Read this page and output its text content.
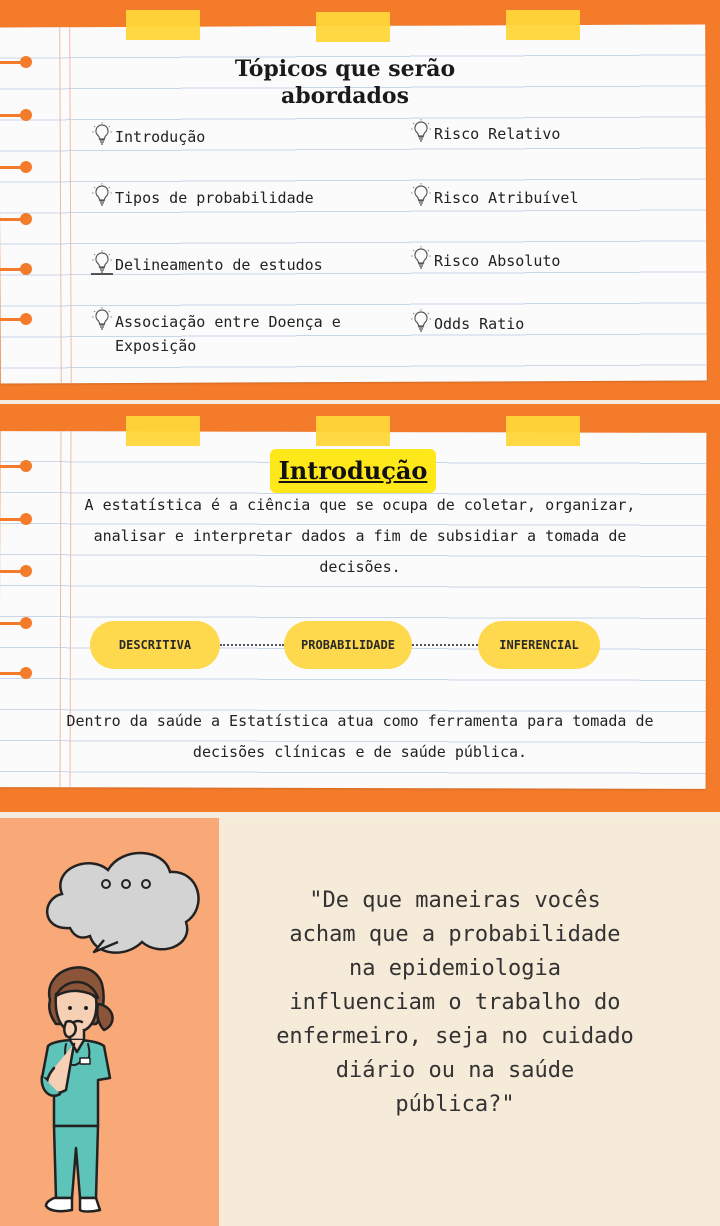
Tópicos que serão abordados
Introdução
Tipos de probabilidade
Delineamento de estudos
Associação entre Doença e Exposição
Risco Relativo
Risco Atribuível
Risco Absoluto
Odds Ratio
Introdução
A estatística é a ciência que se ocupa de coletar, organizar, analisar e interpretar dados a fim de subsidiar a tomada de decisões.
DESCRITIVA	PROBABILIDADE	INFERENCIAL
Dentro da saúde a Estatística atua como ferramenta para tomada de decisões clínicas e de saúde pública.
"De que maneiras vocês acham que a probabilidade na epidemiologia influenciam o trabalho do enfermeiro, seja no cuidado diário ou na saúde pública?"
